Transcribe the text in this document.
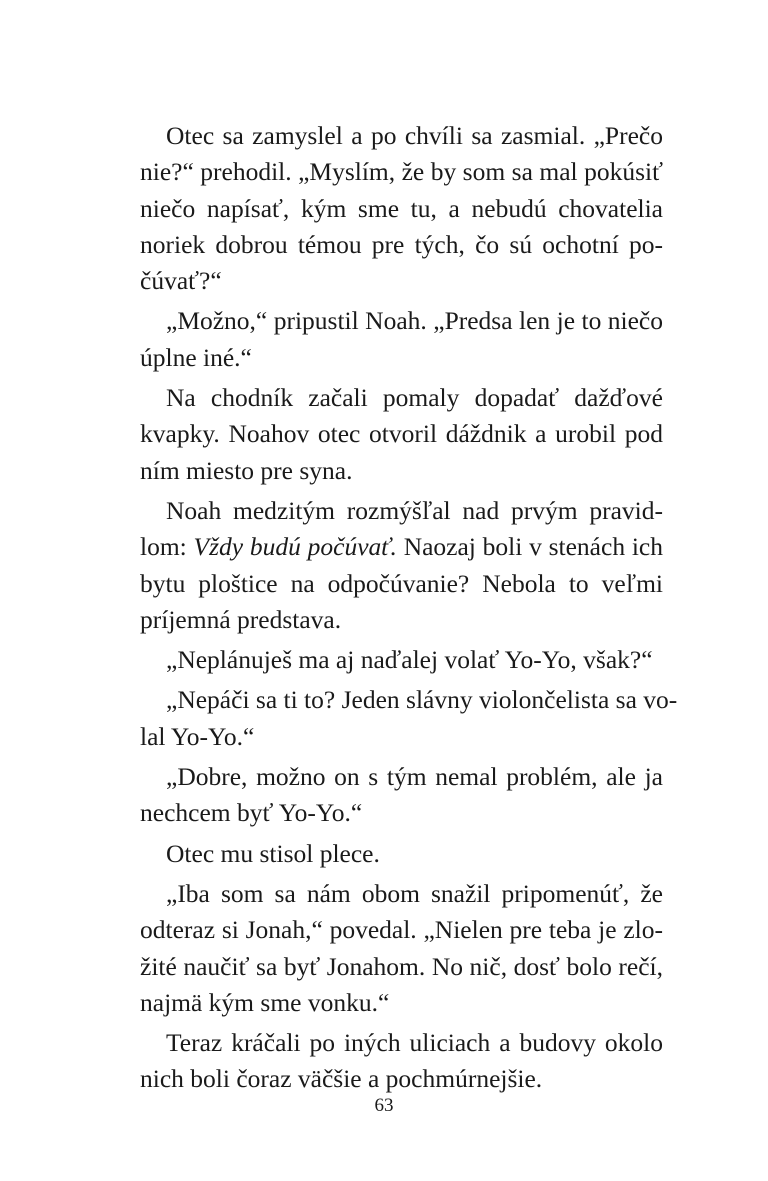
Otec sa zamyslel a po chvíli sa zasmial. „Prečo
nie?“ prehodil. „Myslím, že by som sa mal pokúsiť
niečo napísať, kým sme tu, a nebudú chovatelia
noriek dobrou témou pre tých, čo sú ochotní po-
čúvať?“
„Možno,“ pripustil Noah. „Predsa len je to niečo
úplne iné.“
Na chodník začali pomaly dopadať dažďové
kvapky. Noahov otec otvoril dáždnik a urobil pod
ním miesto pre syna.
Noah medzitým rozmýšľal nad prvým pravid-
lom: Vždy budú počúvať. Naozaj boli v stenách ich
bytu ploštice na odpočúvanie? Nebola to veľmi
príjemná predstava.
„Neplánuješ ma aj naďalej volať Yo-Yo, však?“
„Nepáči sa ti to? Jeden slávny violončelista sa vo-
lal Yo-Yo.“
„Dobre, možno on s tým nemal problém, ale ja
nechcem byť Yo-Yo.“
Otec mu stisol plece.
„Iba som sa nám obom snažil pripomenúť, že
odteraz si Jonah,“ povedal. „Nielen pre teba je zlo-
žité naučiť sa byť Jonahom. No nič, dosť bolo rečí,
najmä kým sme vonku.“
Teraz kráčali po iných uliciach a budovy okolo
nich boli čoraz väčšie a pochmúrnejšie.
63
